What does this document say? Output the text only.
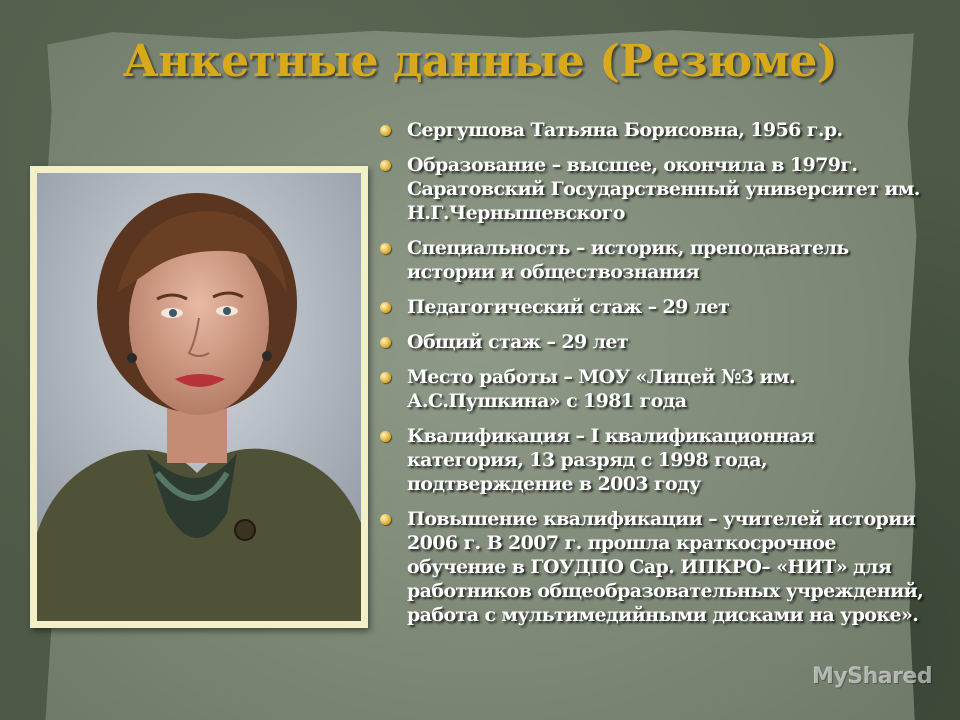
Анкетные данные (Резюме)
Сергушова Татьяна Борисовна, 1956 г.р.
Образование – высшее, окончила в 1979г. Саратовский Государственный университет им. Н.Г.Чернышевского
Специальность – историк, преподаватель истории и обществознания
Педагогический стаж – 29 лет
Общий стаж – 29 лет
Место работы – МОУ «Лицей №3 им. А.С.Пушкина» с 1981 года
Квалификация – I квалификационная категория, 13 разряд с 1998 года, подтверждение в 2003 году
Повышение квалификации – учителей истории 2006 г. В 2007 г. прошла краткосрочное обучение в ГОУДПО Сар. ИПКРО– «НИТ» для работников общеобразовательных учреждений, работа с мультимедийными дисками на уроке».
MyShared
